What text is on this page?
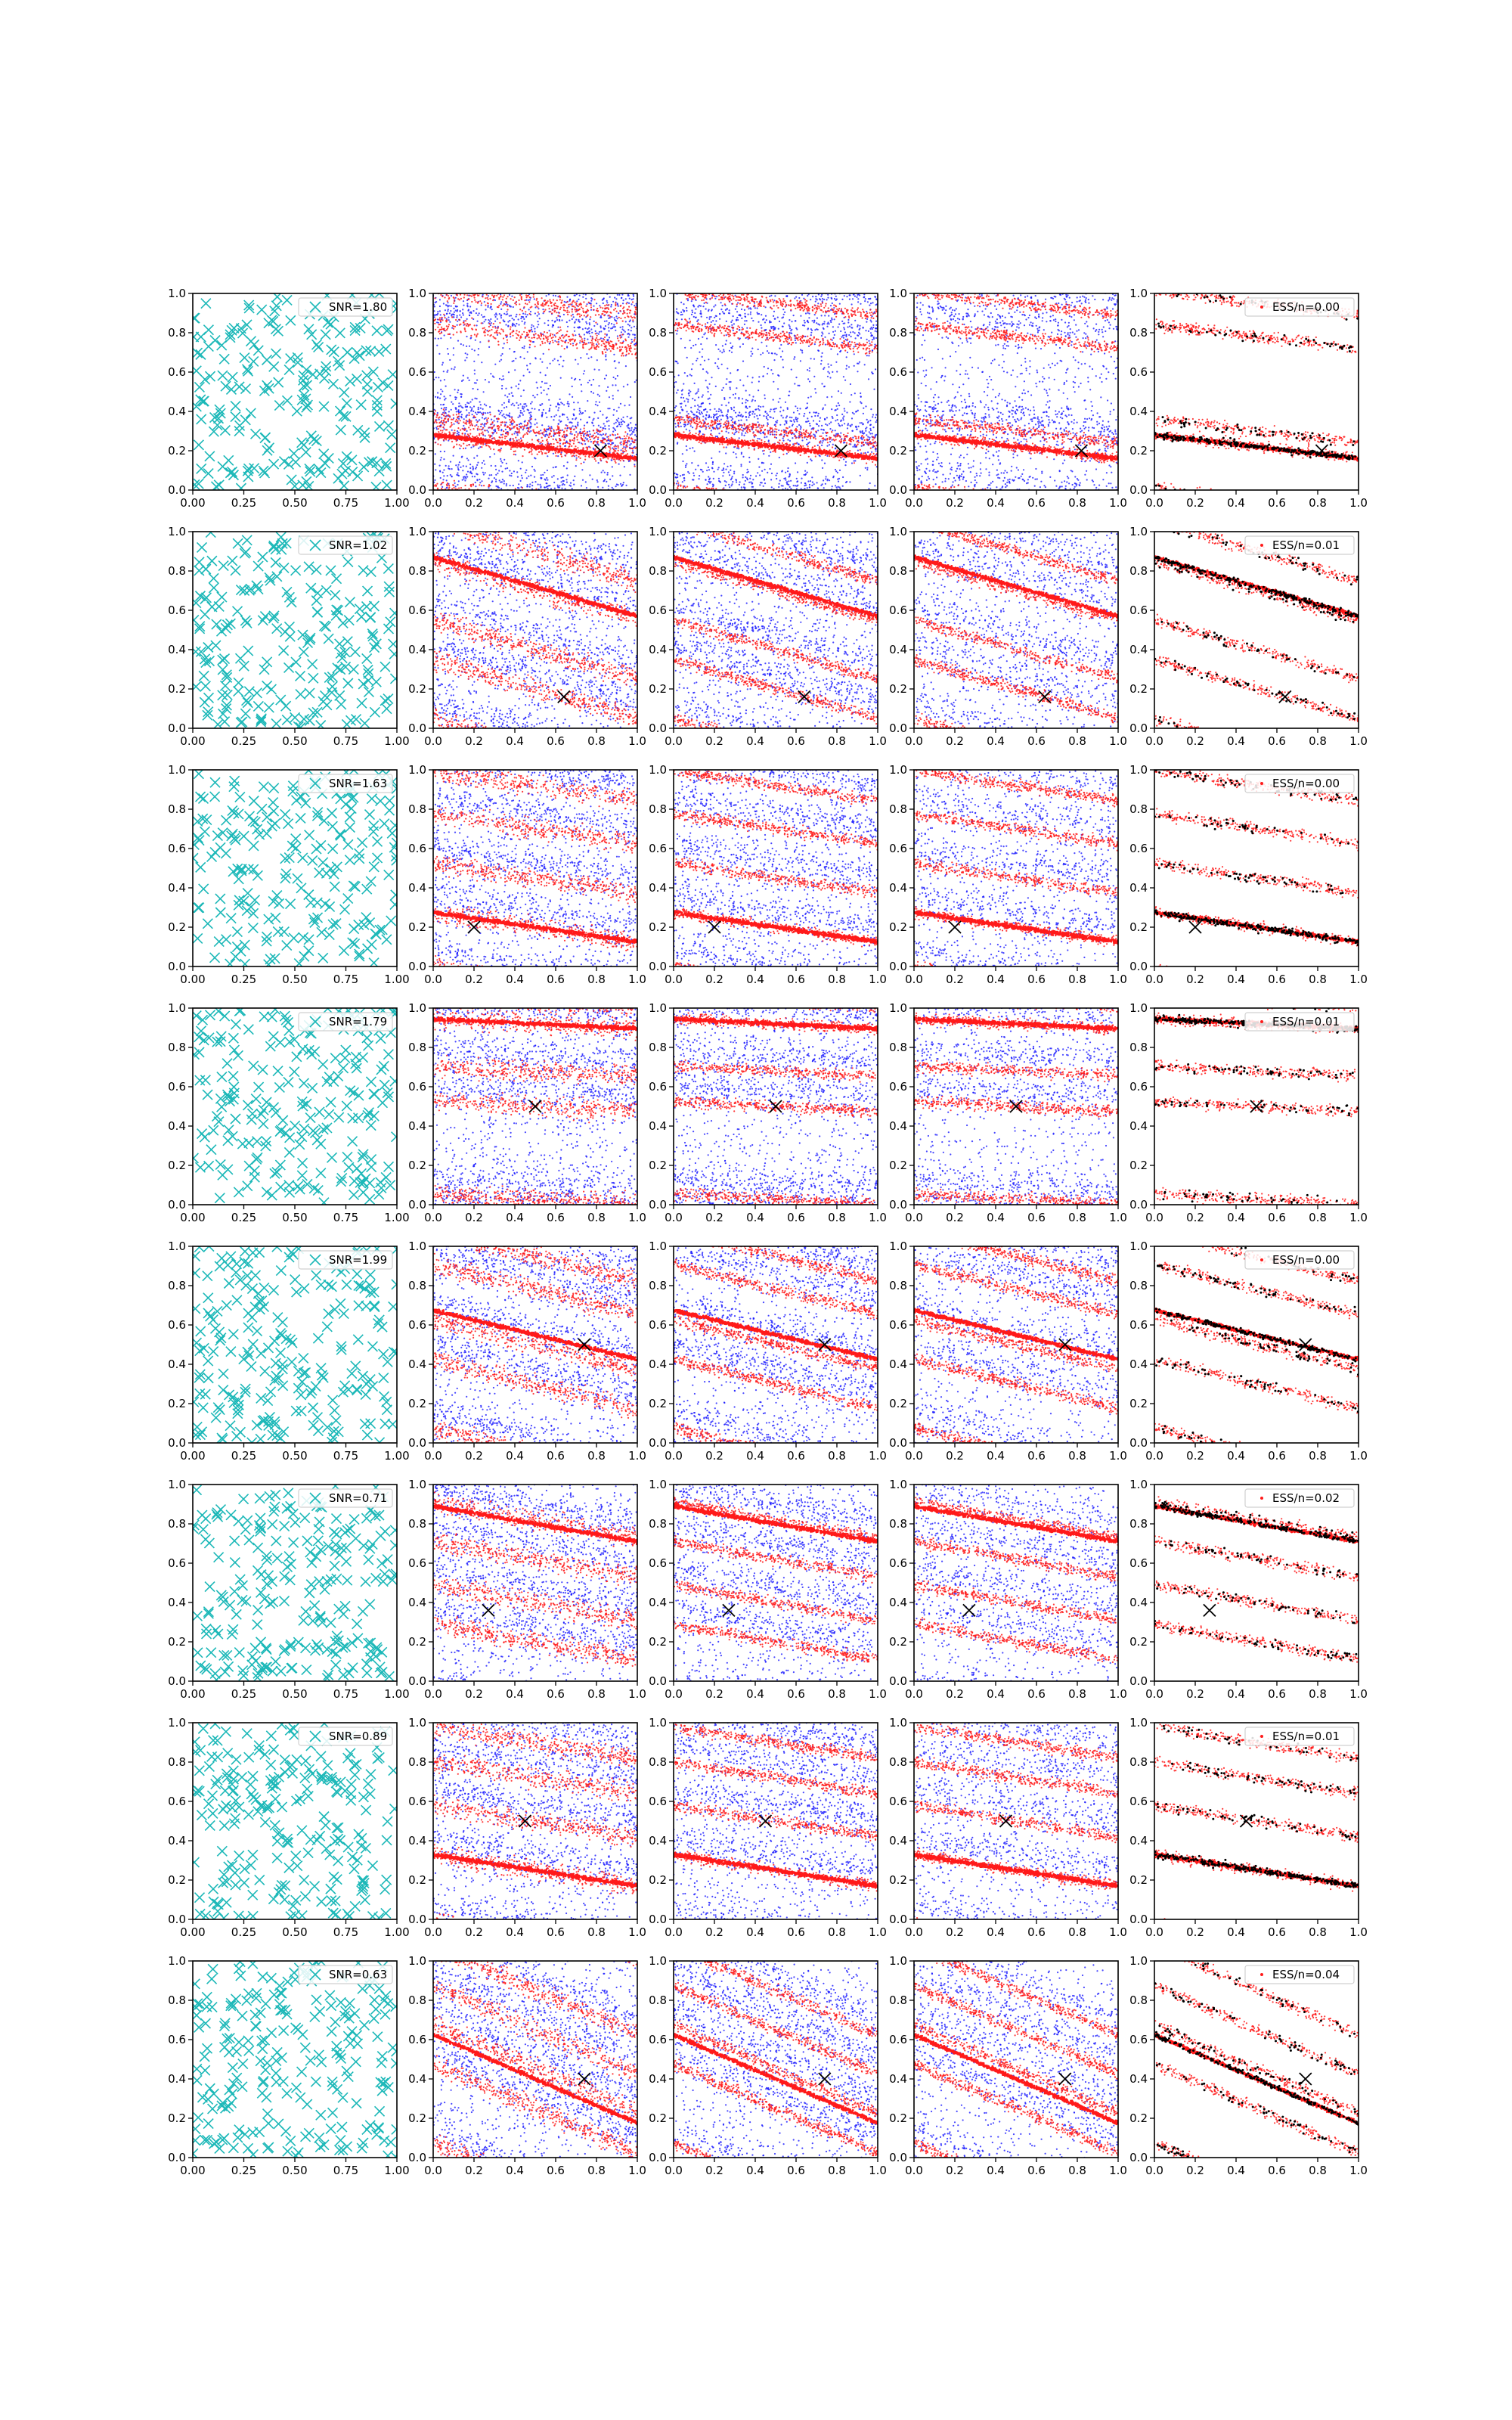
0.00 0.25 0.50 0.75 1.00
0.0
0.2
0.4
0.6
0.8
1.0
SNR=1.80
0.0 0.2 0.4 0.6 0.8 1.0
0.0
0.2
0.4
0.6
0.8
1.0
0.0 0.2 0.4 0.6 0.8 1.0
0.0
0.2
0.4
0.6
0.8
1.0
0.0 0.2 0.4 0.6 0.8 1.0
0.0
0.2
0.4
0.6
0.8
1.0
0.0 0.2 0.4 0.6 0.8 1.0
0.0
0.2
0.4
0.6
0.8
1.0
ESS/n=0.00
0.00 0.25 0.50 0.75 1.00
0.0
0.2
0.4
0.6
0.8
1.0
SNR=1.02
0.0 0.2 0.4 0.6 0.8 1.0
0.0
0.2
0.4
0.6
0.8
1.0
0.0 0.2 0.4 0.6 0.8 1.0
0.0
0.2
0.4
0.6
0.8
1.0
0.0 0.2 0.4 0.6 0.8 1.0
0.0
0.2
0.4
0.6
0.8
1.0
0.0 0.2 0.4 0.6 0.8 1.0
0.0
0.2
0.4
0.6
0.8
1.0
ESS/n=0.01
0.00 0.25 0.50 0.75 1.00
0.0
0.2
0.4
0.6
0.8
1.0
SNR=1.63
0.0 0.2 0.4 0.6 0.8 1.0
0.0
0.2
0.4
0.6
0.8
1.0
0.0 0.2 0.4 0.6 0.8 1.0
0.0
0.2
0.4
0.6
0.8
1.0
0.0 0.2 0.4 0.6 0.8 1.0
0.0
0.2
0.4
0.6
0.8
1.0
0.0 0.2 0.4 0.6 0.8 1.0
0.0
0.2
0.4
0.6
0.8
1.0
ESS/n=0.00
0.00 0.25 0.50 0.75 1.00
0.0
0.2
0.4
0.6
0.8
1.0
SNR=1.79
0.0 0.2 0.4 0.6 0.8 1.0
0.0
0.2
0.4
0.6
0.8
1.0
0.0 0.2 0.4 0.6 0.8 1.0
0.0
0.2
0.4
0.6
0.8
1.0
0.0 0.2 0.4 0.6 0.8 1.0
0.0
0.2
0.4
0.6
0.8
1.0
0.0 0.2 0.4 0.6 0.8 1.0
0.0
0.2
0.4
0.6
0.8
1.0
ESS/n=0.01
0.00 0.25 0.50 0.75 1.00
0.0
0.2
0.4
0.6
0.8
1.0
SNR=1.99
0.0 0.2 0.4 0.6 0.8 1.0
0.0
0.2
0.4
0.6
0.8
1.0
0.0 0.2 0.4 0.6 0.8 1.0
0.0
0.2
0.4
0.6
0.8
1.0
0.0 0.2 0.4 0.6 0.8 1.0
0.0
0.2
0.4
0.6
0.8
1.0
0.0 0.2 0.4 0.6 0.8 1.0
0.0
0.2
0.4
0.6
0.8
1.0
ESS/n=0.00
0.00 0.25 0.50 0.75 1.00
0.0
0.2
0.4
0.6
0.8
1.0
SNR=0.71
0.0 0.2 0.4 0.6 0.8 1.0
0.0
0.2
0.4
0.6
0.8
1.0
0.0 0.2 0.4 0.6 0.8 1.0
0.0
0.2
0.4
0.6
0.8
1.0
0.0 0.2 0.4 0.6 0.8 1.0
0.0
0.2
0.4
0.6
0.8
1.0
0.0 0.2 0.4 0.6 0.8 1.0
0.0
0.2
0.4
0.6
0.8
1.0
ESS/n=0.02
0.00 0.25 0.50 0.75 1.00
0.0
0.2
0.4
0.6
0.8
1.0
SNR=0.89
0.0 0.2 0.4 0.6 0.8 1.0
0.0
0.2
0.4
0.6
0.8
1.0
0.0 0.2 0.4 0.6 0.8 1.0
0.0
0.2
0.4
0.6
0.8
1.0
0.0 0.2 0.4 0.6 0.8 1.0
0.0
0.2
0.4
0.6
0.8
1.0
0.0 0.2 0.4 0.6 0.8 1.0
0.0
0.2
0.4
0.6
0.8
1.0
ESS/n=0.01
0.00 0.25 0.50 0.75 1.00
0.0
0.2
0.4
0.6
0.8
1.0
SNR=0.63
0.0 0.2 0.4 0.6 0.8 1.0
0.0
0.2
0.4
0.6
0.8
1.0
0.0 0.2 0.4 0.6 0.8 1.0
0.0
0.2
0.4
0.6
0.8
1.0
0.0 0.2 0.4 0.6 0.8 1.0
0.0
0.2
0.4
0.6
0.8
1.0
0.0 0.2 0.4 0.6 0.8 1.0
0.0
0.2
0.4
0.6
0.8
1.0
ESS/n=0.04
